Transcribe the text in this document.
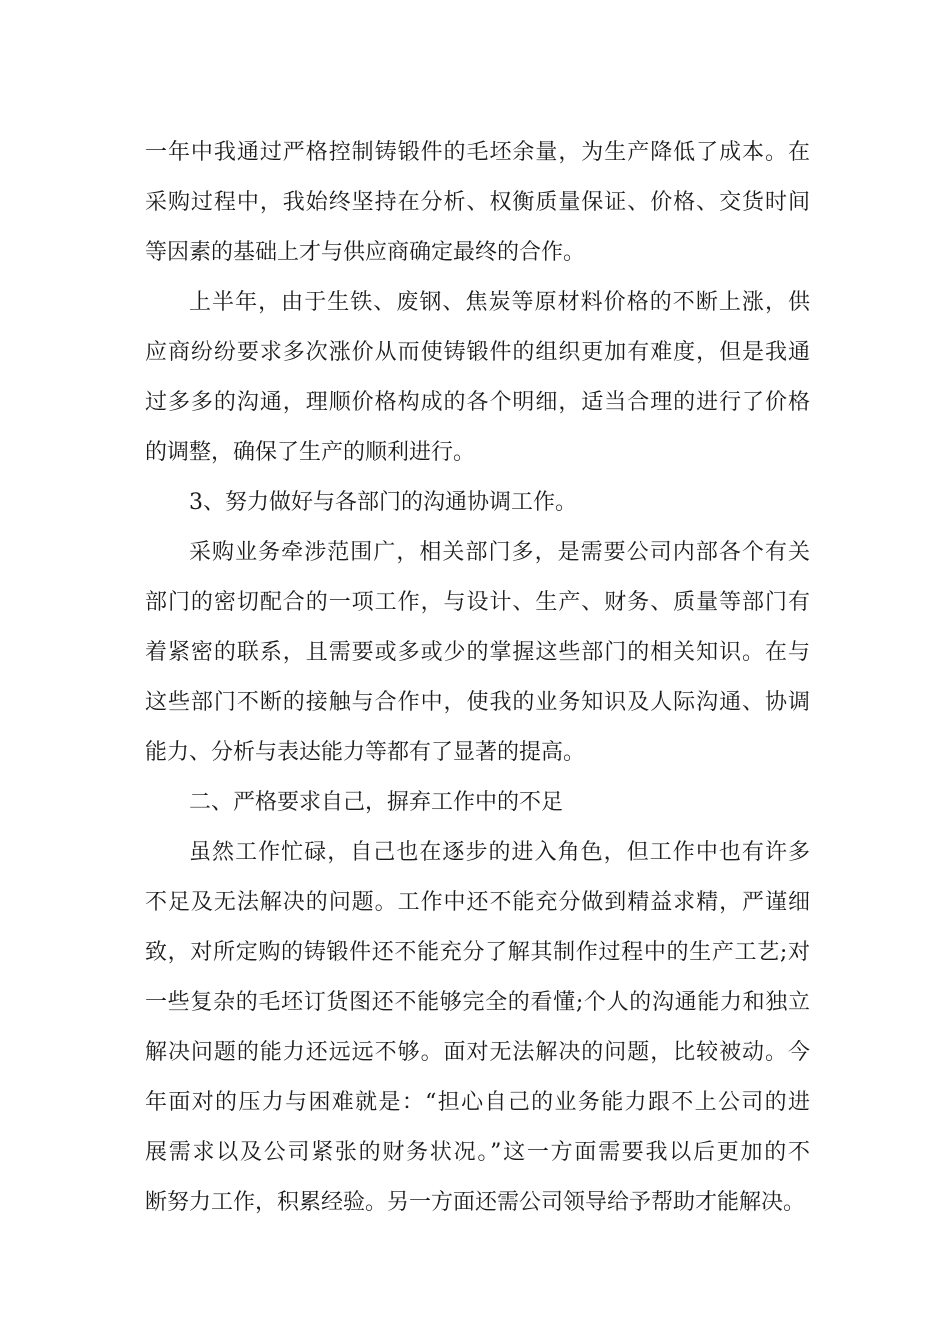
一年中我通过严格控制铸锻件的毛坯余量，为生产降低了成本。在
采购过程中，我始终坚持在分析、权衡质量保证、价格、交货时间
等因素的基础上才与供应商确定最终的合作。
上半年，由于生铁、废钢、焦炭等原材料价格的不断上涨，供
应商纷纷要求多次涨价从而使铸锻件的组织更加有难度，但是我通
过多多的沟通，理顺价格构成的各个明细，适当合理的进行了价格
的调整，确保了生产的顺利进行。
3、努力做好与各部门的沟通协调工作。
采购业务牵涉范围广，相关部门多，是需要公司内部各个有关
部门的密切配合的一项工作，与设计、生产、财务、质量等部门有
着紧密的联系，且需要或多或少的掌握这些部门的相关知识。在与
这些部门不断的接触与合作中，使我的业务知识及人际沟通、协调
能力、分析与表达能力等都有了显著的提高。
二、严格要求自己，摒弃工作中的不足
虽然工作忙碌，自己也在逐步的进入角色，但工作中也有许多
不足及无法解决的问题。工作中还不能充分做到精益求精，严谨细
致，对所定购的铸锻件还不能充分了解其制作过程中的生产工艺;对
一些复杂的毛坯订货图还不能够完全的看懂;个人的沟通能力和独立
解决问题的能力还远远不够。面对无法解决的问题，比较被动。今
年面对的压力与困难就是：“担心自己的业务能力跟不上公司的进
展需求以及公司紧张的财务状况。”这一方面需要我以后更加的不
断努力工作，积累经验。另一方面还需公司领导给予帮助才能解决。
